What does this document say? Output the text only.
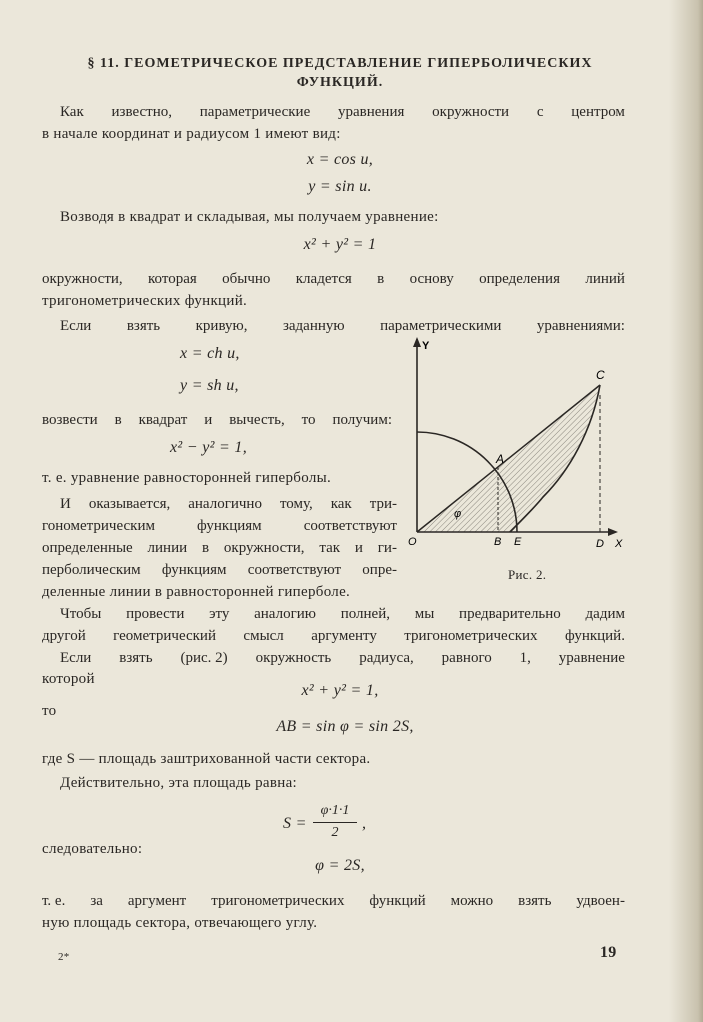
§ 11. ГЕОМЕТРИЧЕСКОЕ ПРЕДСТАВЛЕНИЕ ГИПЕРБОЛИЧЕСКИХ
ФУНКЦИЙ.
Как известно, параметрические уравнения окружности с центром
в начале координат и радиусом 1 имеют вид:
x = cos u,
y = sin u.
Возводя в квадрат и складывая, мы получаем уравнение:
x² + y² = 1
окружности, которая обычно кладется в основу определения линий
тригонометрических функций.
Если взять кривую, заданную параметрическими уравнениями:
x = ch u,
y = sh u,
возвести в квадрат и вычесть, то получим:
x² − y² = 1,
т. е. уравнение равносторонней гиперболы.
И оказывается, аналогично тому, как три-
гонометрическим	функциям	соответствуют
определенные линии в окружности, так и ги-
перболическим функциям соответствуют опре-
деленные линии в равносторонней гиперболе.
Y
C
A
φ
O	B E	D X
Рис. 2.
Чтобы провести эту аналогию полней, мы предварительно дадим
другой геометрический смысл аргументу тригонометрических функций.
Если взять (рис. 2) окружность радиуса, равного 1, уравнение
которой
x² + y² = 1,
то
AB = sin φ = sin 2S,
где S — площадь заштрихованной части сектора.
Действительно, эта площадь равна:
S =
φ·1·1
2
,
следовательно:
φ = 2S,
т. е. за аргумент тригонометрических функций можно взять удвоен-
ную площадь сектора, отвечающего углу.
2*	19
